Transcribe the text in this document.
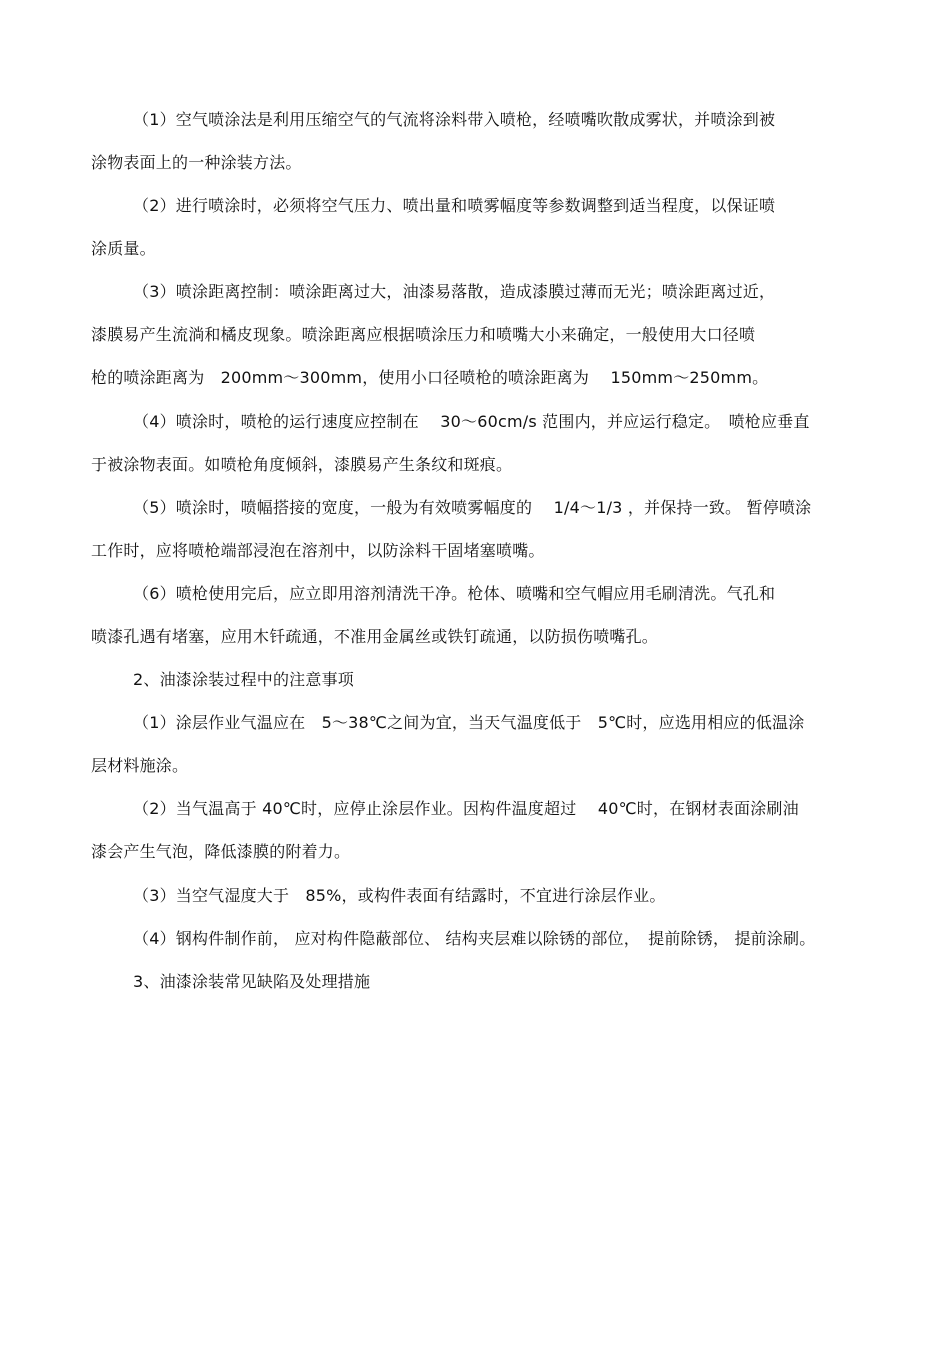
（1）空气喷涂法是利用压缩空气的气流将涂料带入喷枪，经喷嘴吹散成雾状，并喷涂到被
涂物表面上的一种涂装方法。
（2）进行喷涂时，必须将空气压力、喷出量和喷雾幅度等参数调整到适当程度，以保证喷
涂质量。
（3）喷涂距离控制：喷涂距离过大，油漆易落散，造成漆膜过薄而无光；喷涂距离过近，
漆膜易产生流淌和橘皮现象。喷涂距离应根据喷涂压力和喷嘴大小来确定，一般使用大口径喷
枪的喷涂距离为　200mm～300mm，使用小口径喷枪的喷涂距离为　 150mm～250mm。
（4）喷涂时，喷枪的运行速度应控制在　 30～60cm/s 范围内，并应运行稳定。　喷枪应垂直
于被涂物表面。如喷枪角度倾斜，漆膜易产生条纹和斑痕。
（5）喷涂时，喷幅搭接的宽度，一般为有效喷雾幅度的　 1/4～1/3 ，并保持一致。 暂停喷涂
工作时，应将喷枪端部浸泡在溶剂中，以防涂料干固堵塞喷嘴。
（6）喷枪使用完后，应立即用溶剂清洗干净。枪体、喷嘴和空气帽应用毛刷清洗。气孔和
喷漆孔遇有堵塞，应用木钎疏通，不准用金属丝或铁钉疏通，以防损伤喷嘴孔。
2、油漆涂装过程中的注意事项
（1）涂层作业气温应在　5～38℃之间为宜，当天气温度低于　5℃时，应选用相应的低温涂
层材料施涂。
（2）当气温高于 40℃时，应停止涂层作业。因构件温度超过　 40℃时，在钢材表面涂刷油
漆会产生气泡，降低漆膜的附着力。
（3）当空气湿度大于　85%，或构件表面有结露时，不宜进行涂层作业。
（4）钢构件制作前， 应对构件隐蔽部位、 结构夹层难以除锈的部位，　提前除锈， 提前涂刷。
3、油漆涂装常见缺陷及处理措施
